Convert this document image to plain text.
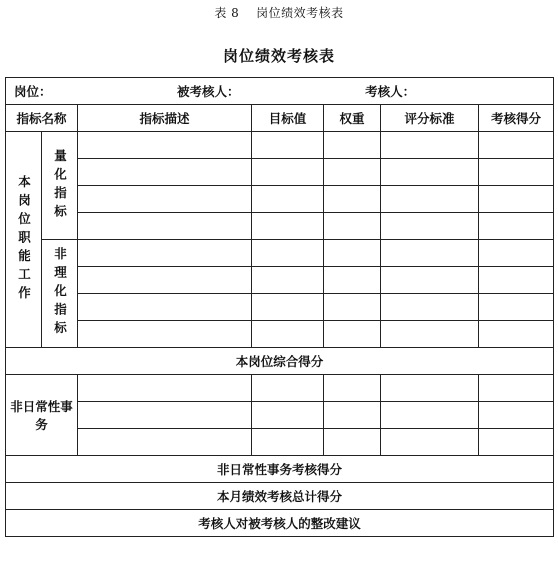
表 8　 岗位绩效考核表
岗位绩效考核表
岗位： 被考核人： 考核人：						

指标名称		指标描述	目标值	权重	评分标准	考核得分

本岗位职能工作	量化指标					

	非理化指标					

本岗位综合得分						
非日常性事务						

非日常性事务考核得分						
本月绩效考核总计得分						
考核人对被考核人的整改建议						
